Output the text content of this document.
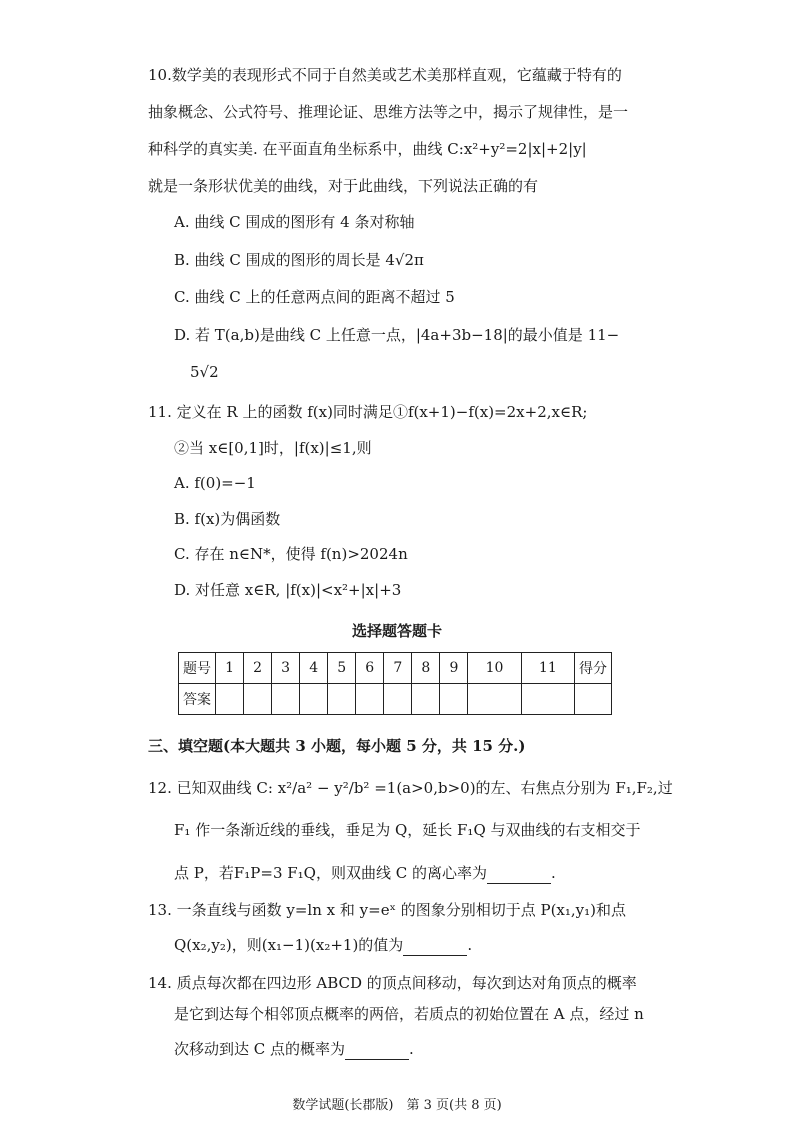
10.数学美的表现形式不同于自然美或艺术美那样直观，它蕴藏于特有的
抽象概念、公式符号、推理论证、思维方法等之中，揭示了规律性，是一
种科学的真实美. 在平面直角坐标系中，曲线 C:x²+y²=2|x|+2|y|
就是一条形状优美的曲线，对于此曲线，下列说法正确的有
A. 曲线 C 围成的图形有 4 条对称轴
B. 曲线 C 围成的图形的周长是 4√2π
C. 曲线 C 上的任意两点间的距离不超过 5
D. 若 T(a,b)是曲线 C 上任意一点，|4a+3b−18|的最小值是 11−
5√2
11. 定义在 R 上的函数 f(x)同时满足①f(x+1)−f(x)=2x+2,x∈R;
②当 x∈[0,1]时，|f(x)|≤1,则
A. f(0)=−1
B. f(x)为偶函数
C. 存在 n∈N*，使得 f(n)>2024n
D. 对任意 x∈R, |f(x)|<x²+|x|+3
选择题答题卡
题号	1	2	3	4	5	6	7	8	9	10	11	得分
答案												
三、填空题(本大题共 3 小题，每小题 5 分，共 15 分.)
12. 已知双曲线 C: x²/a² − y²/b² =1(a>0,b>0)的左、右焦点分别为 F₁,F₂,过
F₁ 作一条渐近线的垂线，垂足为 Q，延长 F₁Q 与双曲线的右支相交于
点 P，若F₁P=3 F₁Q，则双曲线 C 的离心率为	.
13. 一条直线与函数 y=ln x 和 y=eˣ 的图象分别相切于点 P(x₁,y₁)和点
Q(x₂,y₂)，则(x₁−1)(x₂+1)的值为	.
14. 质点每次都在四边形 ABCD 的顶点间移动，每次到达对角顶点的概率
是它到达每个相邻顶点概率的两倍，若质点的初始位置在 A 点，经过 n
次移动到达 C 点的概率为	.
数学试题(长郡版)　第 3 页(共 8 页)
